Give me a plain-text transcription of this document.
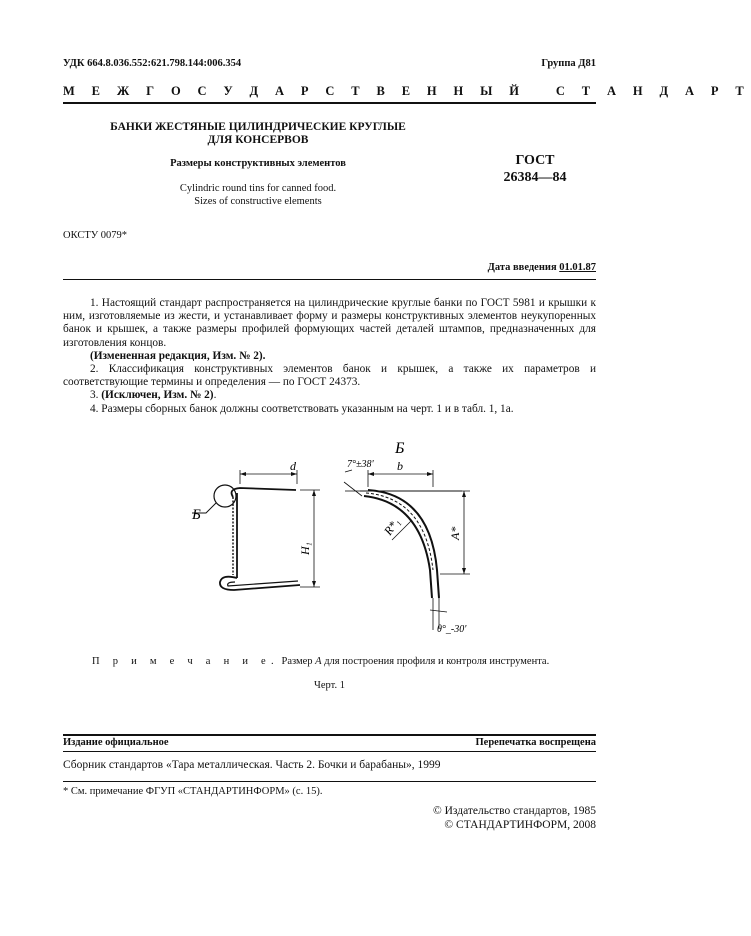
УДК 664.8.036.552:621.798.144:006.354	Группа Д81
М Е Ж Г О С У Д А Р С Т В Е Н Н Ы Й   С Т А Н Д А Р Т
БАНКИ ЖЕСТЯНЫЕ ЦИЛИНДРИЧЕСКИЕ КРУГЛЫЕ
ДЛЯ КОНСЕРВОВ
Размеры конструктивных элементов
Cylindric round tins for canned food.
Sizes of constructive elements
ГОСТ
26384—84
ОКСТУ 0079*
Дата введения 01.01.87

1. Настоящий стандарт распространяется на цилиндрические круглые банки по ГОСТ 5981 и крышки к ним, изготовляемые из жести, и устанавливает форму и размеры конструктивных элементов неукупоренных банок и крышек, а также размеры профилей формующих частей деталей штампов, предназначенных для изготовления концов.

(Измененная редакция, Изм. № 2).

2. Классификация конструктивных элементов банок и крышек, а также их параметров и соответствующие термины и определения — по ГОСТ 24373.

3. (Исключен, Изм. № 2).

4. Размеры сборных банок должны соответствовать указанным на черт. 1 и в табл. 1, 1а.

d
Б
H₁
Б
7°±38' b
R*₁	A*
θ°_-30'
П р и м е ч а н и е. Размер A для построения профиля и контроля инструмента.
Черт. 1
Издание официальное	Перепечатка воспрещена
Сборник стандартов «Тара металлическая. Часть 2. Бочки и барабаны», 1999
* См. примечание ФГУП «СТАНДАРТИНФОРМ» (с. 15).
© Издательство стандартов, 1985
© СТАНДАРТИНФОРМ, 2008
